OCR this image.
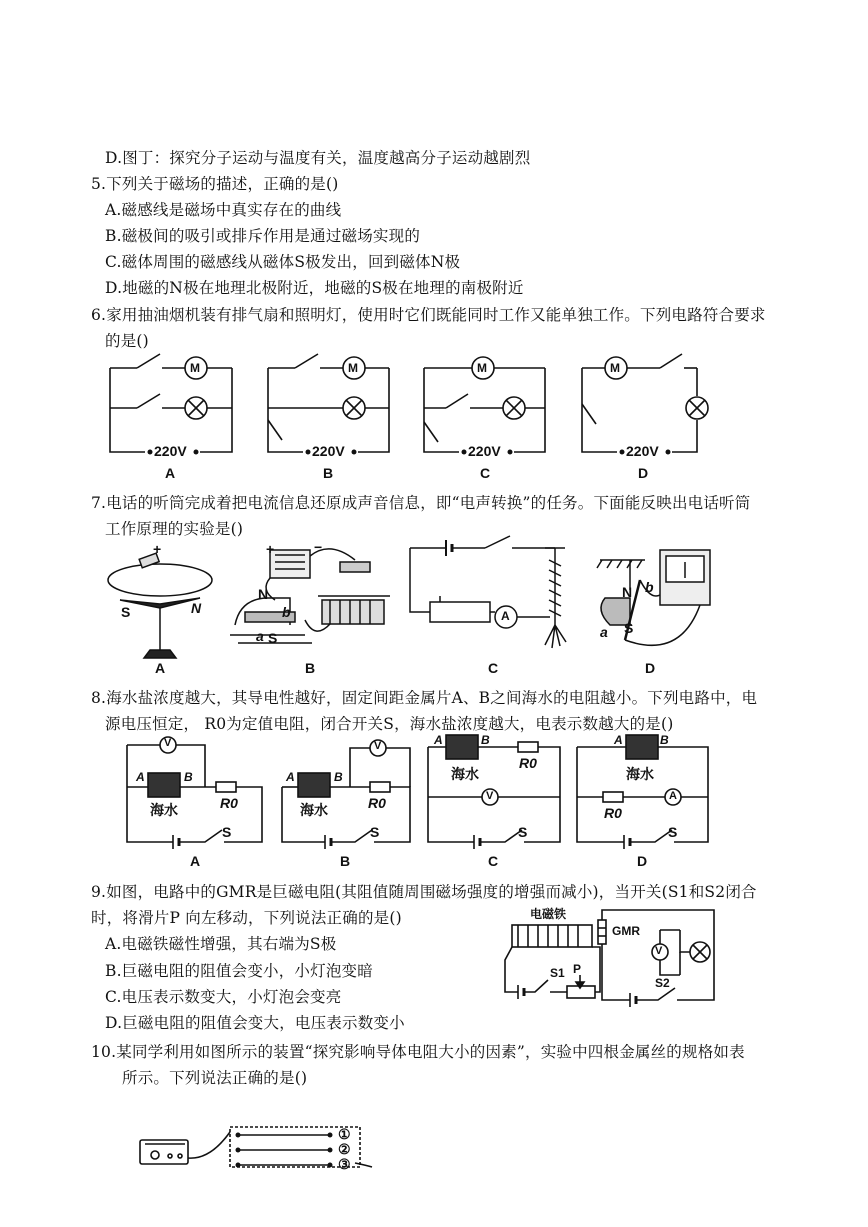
D.图丁：探究分子运动与温度有关，温度越高分子运动越剧烈
5.下列关于磁场的描述，正确的是()
A.磁感线是磁场中真实存在的曲线
B.磁极间的吸引或排斥作用是通过磁场实现的
C.磁体周围的磁感线从磁体S极发出，回到磁体N极
D.地磁的N极在地理北极附近，地磁的S极在地理的南极附近
6.家用抽油烟机装有排气扇和照明灯，使用时它们既能同时工作又能单独工作。下列电路符合要求
的是()
M	M	M	M
220V	220V	220V	220V
A	B	C	D
7.电话的听筒完成着把电流信息还原成声音信息，即“电声转换”的任务。下面能反映出电话听筒
工作原理的实验是()
+
S	N
+	−
N
b
a S
A
N b
a S
A	B	C	D
8.海水盐浓度越大，其导电性越好，固定间距金属片A、B之间海水的电阻越小。下列电路中，电
源电压恒定， R0为定值电阻，闭合开关S，海水盐浓度越大，电表示数越大的是()
V
A	B
海水	R0
S
V
A	B
海水	R0
S
A	B
海水
R0
V
S
A	B
海水
R0
A
S
A	B	C	D
9.如图，电路中的GMR是巨磁电阻(其阻值随周围磁场强度的增强而减小)，当开关(S1和S2闭合
时，将滑片P 向左移动，下列说法正确的是()
A.电磁铁磁性增强，其右端为S极
B.巨磁电阻的阻值会变小，小灯泡变暗
C.电压表示数变大，小灯泡会变亮
D.巨磁电阻的阻值会变大，电压表示数变小
电磁铁
GMR
V
S1 P
S2
10.某同学利用如图所示的装置“探究影响导体电阻大小的因素”，实验中四根金属丝的规格如表
所示。下列说法正确的是()
①
②
③
